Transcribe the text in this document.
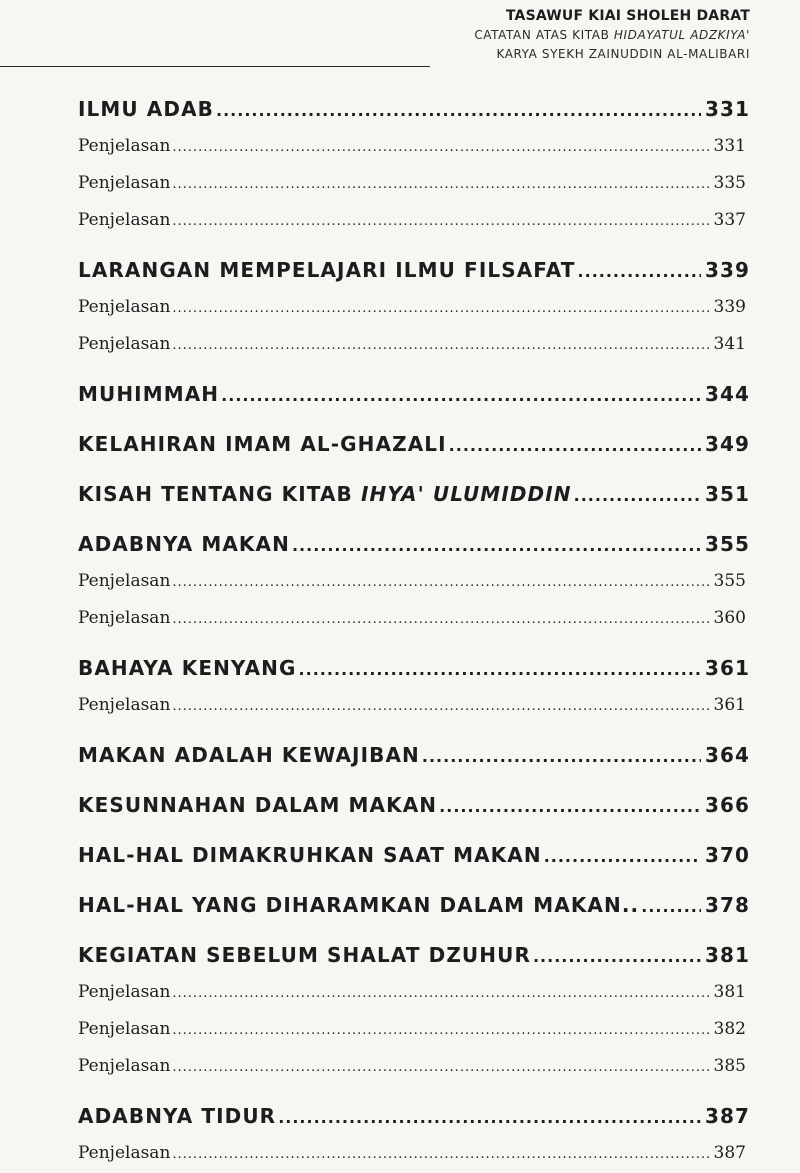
TASAWUF KIAI SHOLEH DARAT
CATATAN ATAS KITAB HIDAYATUL ADZKIYA'
KARYA SYEKH ZAINUDDIN AL-MALIBARI
ILMU ADAB .....	331
Penjelasan .....	331
Penjelasan .....	335
Penjelasan .....	337
LARANGAN MEMPELAJARI ILMU FILSAFAT .....	339
Penjelasan .....	339
Penjelasan .....	341
MUHIMMAH .....	344
KELAHIRAN IMAM AL-GHAZALI .....	349
KISAH TENTANG KITAB IHYA' ULUMIDDIN .....	351
ADABNYA MAKAN .....	355
Penjelasan .....	355
Penjelasan .....	360
BAHAYA KENYANG .....	361
Penjelasan .....	361
MAKAN ADALAH KEWAJIBAN .....	364
KESUNNAHAN DALAM MAKAN .....	366
HAL-HAL DIMAKRUHKAN SAAT MAKAN .....	370
HAL-HAL YANG DIHARAMKAN DALAM MAKAN.. .....	378
KEGIATAN SEBELUM SHALAT DZUHUR .....	381
Penjelasan .....	381
Penjelasan .....	382
Penjelasan .....	385
ADABNYA TIDUR .....	387
Penjelasan .....	387
